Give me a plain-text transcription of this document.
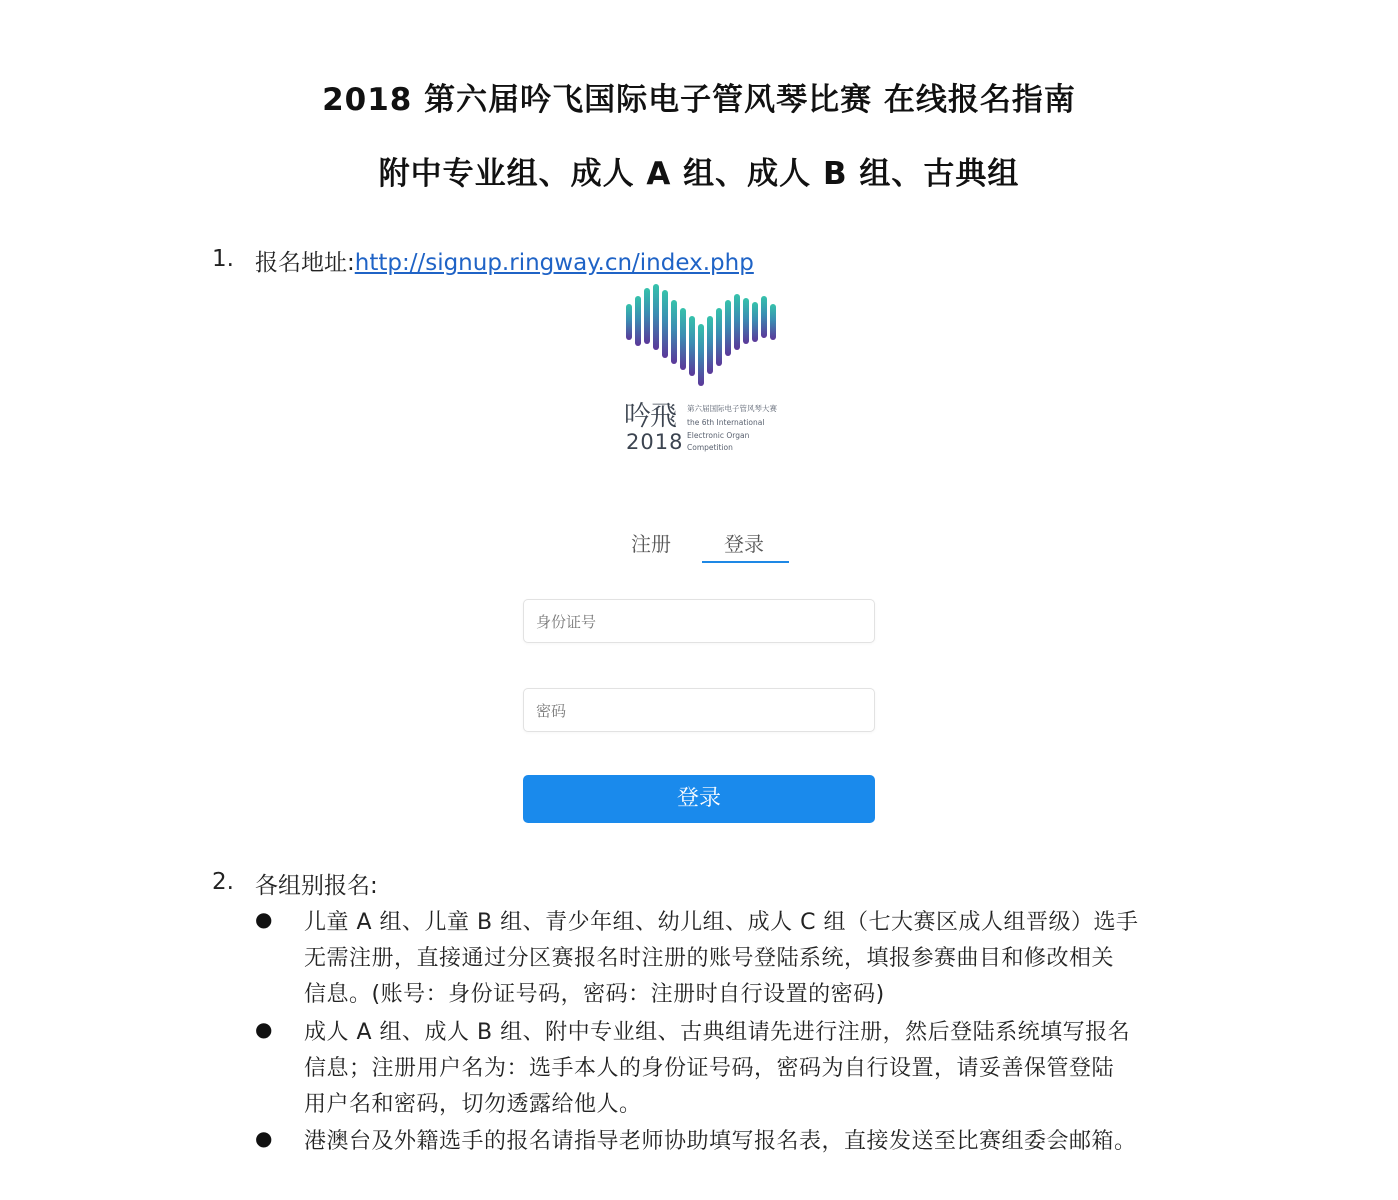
2018 第六届吟飞国际电子管风琴比赛 在线报名指南
附中专业组、成人 A 组、成人 B 组、古典组
1. 报名地址:http://signup.ringway.cn/index.php
吟飛
2018
第六届国际电子管风琴大赛
the 6th International
Electronic Organ
Competition
注册	登录
身份证号
密码
登录
2. 各组别报名:
● 儿童 A 组、儿童 B 组、青少年组、幼儿组、成人 C 组（七大赛区成人组晋级）选手
无需注册，直接通过分区赛报名时注册的账号登陆系统，填报参赛曲目和修改相关
信息。(账号：身份证号码，密码：注册时自行设置的密码)
● 成人 A 组、成人 B 组、附中专业组、古典组请先进行注册，然后登陆系统填写报名
信息；注册用户名为：选手本人的身份证号码，密码为自行设置，请妥善保管登陆
用户名和密码，切勿透露给他人。
● 港澳台及外籍选手的报名请指导老师协助填写报名表，直接发送至比赛组委会邮箱。
